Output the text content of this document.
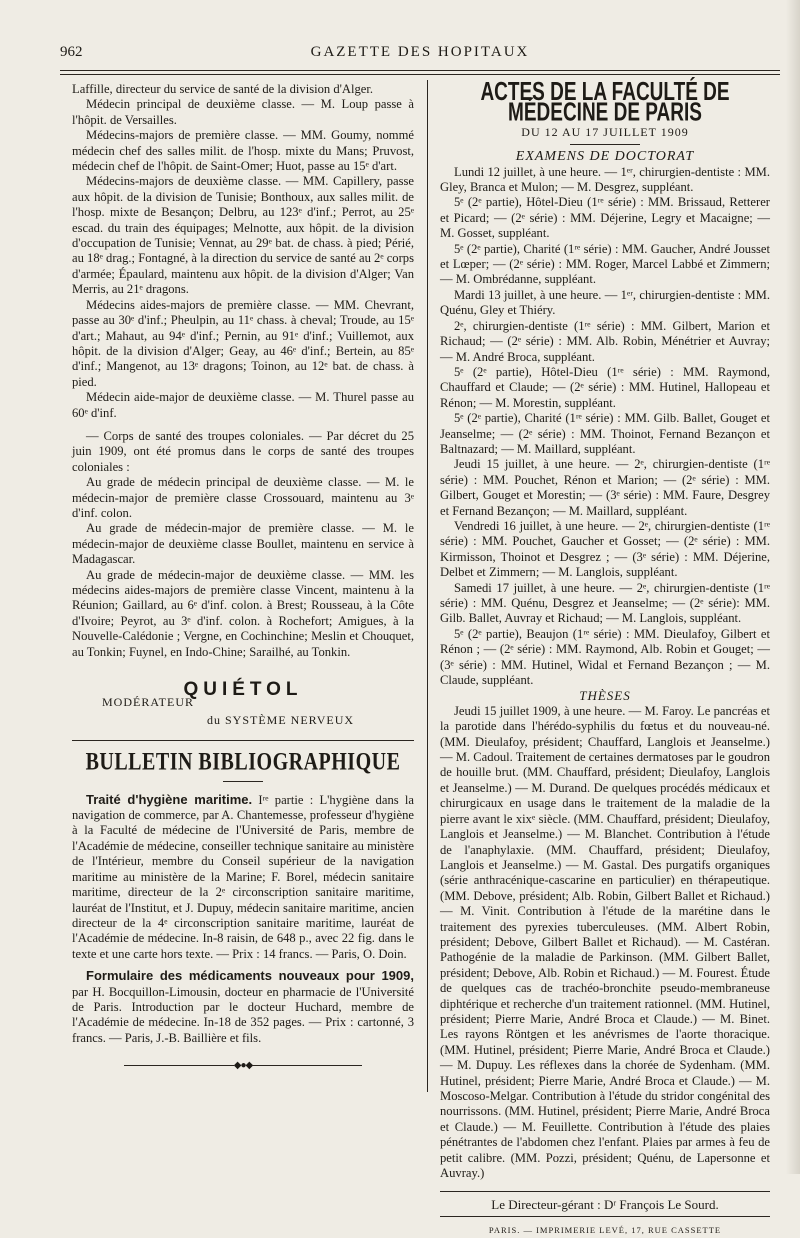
962	GAZETTE DES HOPITAUX

Laffille, directeur du service de santé de la division d'Alger.

Médecin principal de deuxième classe. — M. Loup passe à l'hôpit. de Versailles.

Médecins-majors de première classe. — MM. Goumy, nommé médecin chef des salles milit. de l'hosp. mixte du Mans; Pruvost, médecin chef de l'hôpit. de Saint-Omer; Huot, passe au 15ᵉ d'art.

Médecins-majors de deuxième classe. — MM. Capillery, passe aux hôpit. de la division de Tunisie; Bonthoux, aux salles milit. de l'hosp. mixte de Besançon; Delbru, au 123ᵉ d'inf.; Perrot, au 25ᵉ escad. du train des équipages; Melnotte, aux hôpit. de la division d'occupation de Tunisie; Vennat, au 29ᵉ bat. de chass. à pied; Périé, au 18ᵉ drag.; Fontagné, à la direction du service de santé au 2ᵉ corps d'armée; Épaulard, maintenu aux hôpit. de la division d'Alger; Van Merris, au 21ᵉ dragons.

Médecins aides-majors de première classe. — MM. Chevrant, passe au 30ᵉ d'inf.; Pheulpin, au 11ᵉ chass. à cheval; Troude, au 15ᵉ d'art.; Mahaut, au 94ᵉ d'inf.; Pernin, au 91ᵉ d'inf.; Vuillemot, aux hôpit. de la division d'Alger; Geay, au 46ᵉ d'inf.; Bertein, au 85ᵉ d'inf.; Mangenot, au 13ᵉ dragons; Toinon, au 12ᵉ bat. de chass. à pied.

Médecin aide-major de deuxième classe. — M. Thurel passe au 60ᵉ d'inf.

— Corps de santé des troupes coloniales. — Par décret du 25 juin 1909, ont été promus dans le corps de santé des troupes coloniales :

Au grade de médecin principal de deuxième classe. — M. le médecin-major de première classe Crossouard, maintenu au 3ᵉ d'inf. colon.

Au grade de médecin-major de première classe. — M. le médecin-major de deuxième classe Boullet, maintenu en service à Madagascar.

Au grade de médecin-major de deuxième classe. — MM. les médecins aides-majors de première classe Vincent, maintenu à la Réunion; Gaillard, au 6ᵉ d'inf. colon. à Brest; Rousseau, à la Côte d'Ivoire; Peyrot, au 3ᵉ d'inf. colon. à Rochefort; Amigues, à la Nouvelle-Calédonie ; Vergne, en Cochinchine; Meslin et Chouquet, au Tonkin; Fuynel, en Indo-Chine; Sarailhé, au Tonkin.

QUIÉTOL
MODÉRATEUR
du SYSTÈME NERVEUX
BULLETIN BIBLIOGRAPHIQUE

Traité d'hygiène maritime. Iʳᵉ partie : L'hygiène dans la navigation de commerce, par A. Chantemesse, professeur d'hygiène à la Faculté de médecine de l'Université de Paris, membre de l'Académie de médecine, conseiller technique sanitaire au ministère de l'Intérieur, membre du Conseil supérieur de la navigation maritime au ministère de la Marine; F. Borel, médecin sanitaire maritime, directeur de la 2ᵉ circonscription sanitaire maritime, lauréat de l'Institut, et J. Dupuy, médecin sanitaire maritime, ancien directeur de la 4ᵉ circonscription sanitaire maritime, lauréat de l'Académie de médecine. In-8 raisin, de 648 p., avec 22 fig. dans le texte et une carte hors texte. — Prix : 14 francs. — Paris, O. Doin.

Formulaire des médicaments nouveaux pour 1909, par H. Bocquillon-Limousin, docteur en pharmacie de l'Université de Paris. Introduction par le docteur Huchard, membre de l'Académie de médecine. In-18 de 352 pages. — Prix : cartonné, 3 francs. — Paris, J.-B. Baillière et fils.

◆●◆
ACTES DE LA FACULTÉ DE MÉDECINE DE PARIS
DU 12 AU 17 JUILLET 1909
EXAMENS DE DOCTORAT

Lundi 12 juillet, à une heure. — 1ᵉʳ, chirurgien-dentiste : MM. Gley, Branca et Mulon; — M. Desgrez, suppléant.

5ᵉ (2ᵉ partie), Hôtel-Dieu (1ʳᵉ série) : MM. Brissaud, Retterer et Picard; — (2ᵉ série) : MM. Déjerine, Legry et Macaigne; — M. Gosset, suppléant.

5ᵉ (2ᵉ partie), Charité (1ʳᵉ série) : MM. Gaucher, André Jousset et Lœper; — (2ᵉ série) : MM. Roger, Marcel Labbé et Zimmern; — M. Ombrédanne, suppléant.

Mardi 13 juillet, à une heure. — 1ᵉʳ, chirurgien-dentiste : MM. Quénu, Gley et Thiéry.

2ᵉ, chirurgien-dentiste (1ʳᵉ série) : MM. Gilbert, Marion et Richaud; — (2ᵉ série) : MM. Alb. Robin, Ménétrier et Auvray; — M. André Broca, suppléant.

5ᵉ (2ᵉ partie), Hôtel-Dieu (1ʳᵉ série) : MM. Raymond, Chauffard et Claude; — (2ᵉ série) : MM. Hutinel, Hallopeau et Rénon; — M. Morestin, suppléant.

5ᵉ (2ᵉ partie), Charité (1ʳᵉ série) : MM. Gilb. Ballet, Gouget et Jeanselme; — (2ᵉ série) : MM. Thoinot, Fernand Bezançon et Baltnazard; — M. Maillard, suppléant.

Jeudi 15 juillet, à une heure. — 2ᵉ, chirurgien-dentiste (1ʳᵉ série) : MM. Pouchet, Rénon et Marion; — (2ᵉ série) : MM. Gilbert, Gouget et Morestin; — (3ᵉ série) : MM. Faure, Desgrey et Fernand Bezançon; — M. Maillard, suppléant.

Vendredi 16 juillet, à une heure. — 2ᵉ, chirurgien-dentiste (1ʳᵉ série) : MM. Pouchet, Gaucher et Gosset; — (2ᵉ série) : MM. Kirmisson, Thoinot et Desgrez ; — (3ᵉ série) : MM. Déjerine, Delbet et Zimmern; — M. Langlois, suppléant.

Samedi 17 juillet, à une heure. — 2ᵉ, chirurgien-dentiste (1ʳᵉ série) : MM. Quénu, Desgrez et Jeanselme; — (2ᵉ série): MM. Gilb. Ballet, Auvray et Richaud; — M. Langlois, suppléant.

5ᵉ (2ᵉ partie), Beaujon (1ʳᵉ série) : MM. Dieulafoy, Gilbert et Rénon ; — (2ᵉ série) : MM. Raymond, Alb. Robin et Gouget; — (3ᵉ série) : MM. Hutinel, Widal et Fernand Bezançon ; — M. Claude, suppléant.

THÈSES

Jeudi 15 juillet 1909, à une heure. — M. Faroy. Le pancréas et la parotide dans l'hérédo-syphilis du fœtus et du nouveau-né. (MM. Dieulafoy, président; Chauffard, Langlois et Jeanselme.) — M. Cadoul. Traitement de certaines dermatoses par le goudron de houille brut. (MM. Chauffard, président; Dieulafoy, Langlois et Jeanselme.) — M. Durand. De quelques procédés médicaux et chirurgicaux en usage dans le traitement de la maladie de la pierre avant le xixᵉ siècle. (MM. Chauffard, président; Dieulafoy, Langlois et Jeanselme.) — M. Blanchet. Contribution à l'étude de l'anaphylaxie. (MM. Chauffard, président; Dieulafoy, Langlois et Jeanselme.) — M. Gastal. Des purgatifs organiques (série anthracénique-cascarine en particulier) en thérapeutique. (MM. Debove, président; Alb. Robin, Gilbert Ballet et Richaud.) — M. Vinit. Contribution à l'étude de la marétine dans le traitement des pyrexies tuberculeuses. (MM. Albert Robin, président; Debove, Gilbert Ballet et Richaud). — M. Castéran. Pathogénie de la maladie de Parkinson. (MM. Gilbert Ballet, président; Debove, Alb. Robin et Richaud.) — M. Fourest. Étude de quelques cas de trachéo-bronchite pseudo-membraneuse diphtérique et recherche d'un traitement rationnel. (MM. Hutinel, président; Pierre Marie, André Broca et Claude.) — M. Binet. Les rayons Röntgen et les anévrismes de l'aorte thoracique. (MM. Hutinel, président; Pierre Marie, André Broca et Claude.) — M. Dupuy. Les réflexes dans la chorée de Sydenham. (MM. Hutinel, président; Pierre Marie, André Broca et Claude.) — M. Moscoso-Melgar. Contribution à l'étude du stridor congénital des nourrissons. (MM. Hutinel, président; Pierre Marie, André Broca et Claude.) — M. Feuillette. Contribution à l'étude des plaies pénétrantes de l'abdomen chez l'enfant. Plaies par armes à feu de petit calibre. (MM. Pozzi, président; Quénu, de Lapersonne et Auvray.)

Le Directeur-gérant : Dʳ François Le Sourd.
PARIS. — IMPRIMERIE LEVÉ, 17, RUE CASSETTE
